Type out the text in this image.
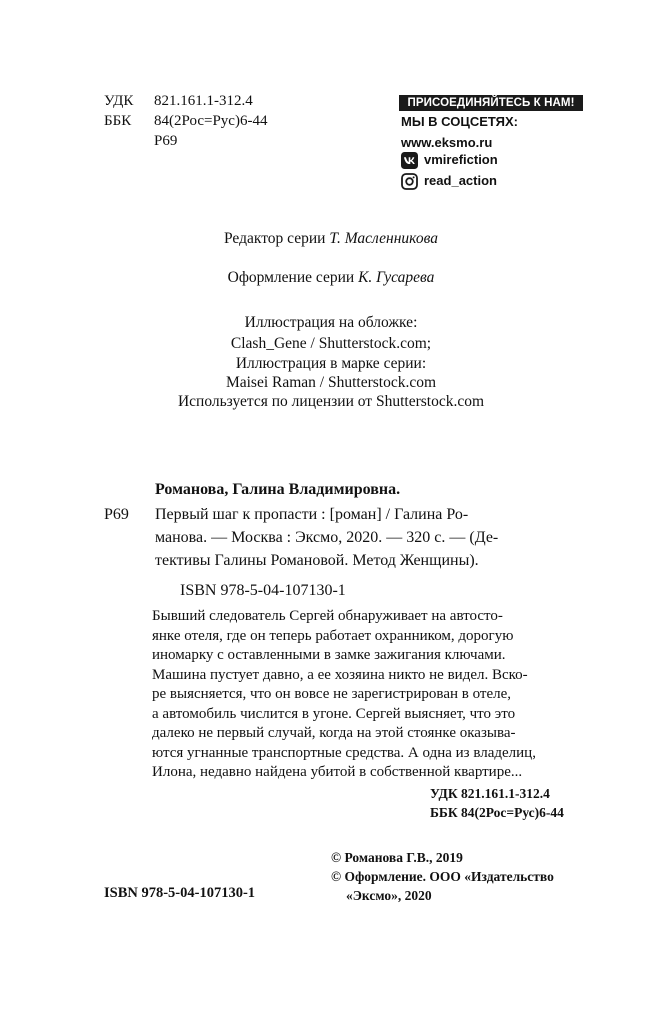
УДК 821.161.1-312.4
ББК 84(2Рос=Рус)6-44
Р69
ПРИСОЕДИНЯЙТЕСЬ К НАМ!
МЫ В СОЦСЕТЯХ:
www.eksmo.ru
vmirefiction
read_action
Редактор серии Т. Масленникова
Оформление серии К. Гусарева
Иллюстрация на обложке:
Clash_Gene / Shutterstock.com;
Иллюстрация в марке серии:
Maisei Raman / Shutterstock.com
Используется по лицензии от Shutterstock.com
Романова, Галина Владимировна.
Р69 Первый шаг к пропасти : [роман] / Галина Ро-
манова. — Москва : Эксмо, 2020. — 320 с. — (Де-
тективы Галины Романовой. Метод Женщины).
ISBN 978-5-04-107130-1
Бывший следователь Сергей обнаруживает на автосто-
янке отеля, где он теперь работает охранником, дорогую
иномарку с оставленными в замке зажигания ключами.
Машина пустует давно, а ее хозяина никто не видел. Вско-
ре выясняется, что он вовсе не зарегистрирован в отеле,
а автомобиль числится в угоне. Сергей выясняет, что это
далеко не первый случай, когда на этой стоянке оказыва-
ются угнанные транспортные средства. А одна из владелиц,
Илона, недавно найдена убитой в собственной квартире...
УДК 821.161.1-312.4
ББК 84(2Рос=Рус)6-44
© Романова Г.В., 2019
© Оформление. ООО «Издательство
«Эксмо», 2020
ISBN 978-5-04-107130-1
